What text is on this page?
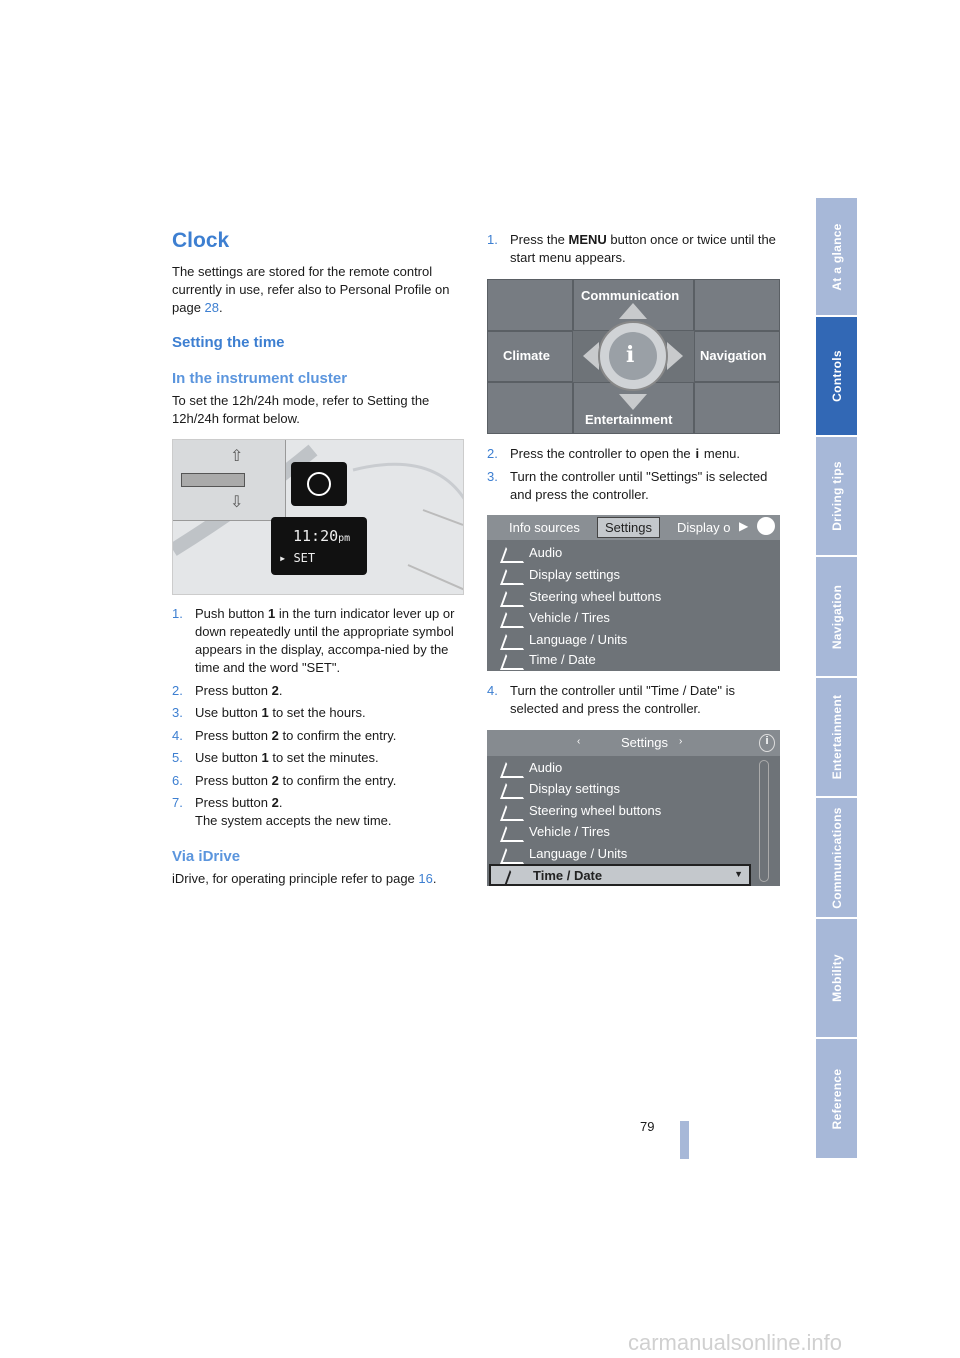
At a glance
Controls
Driving tips
Navigation
Entertainment
Communications
Mobility
Reference
Clock

The settings are stored for the remote control currently in use, refer also to Personal Profile on page 28.

Setting the time
In the instrument cluster

To set the 12h/24h mode, refer to Setting the 12h/24h format below.

⇧
⇩
11:20pm
▸ SET
1. Push button 1 in the turn indicator lever up or down repeatedly until the appropriate symbol appears in the display, accompa-nied by the time and the word "SET".
2. Press button 2.
3. Use button 1 to set the hours.
4. Press button 2 to confirm the entry.
5. Use button 1 to set the minutes.
6. Press button 2 to confirm the entry.
7. Press button 2.
The system accepts the new time.
Via iDrive

iDrive, for operating principle refer to page 16.

1. Press the MENU button once or twice until the start menu appears.
Communication
Climate	Navigation
Entertainment
i
2. Press the controller to open the i menu.
3. Turn the controller until "Settings" is selected and press the controller.
Info sources	Settings	Display o ▶
Audio
Display settings
Steering wheel buttons
Vehicle / Tires
Language / Units
Time / Date
4. Turn the controller until "Time / Date" is selected and press the controller.
‹	Settings ›	i
Audio
Display settings
Steering wheel buttons
Vehicle / Tires
Language / Units
Time / Date	▼
79
carmanualsonline.info
